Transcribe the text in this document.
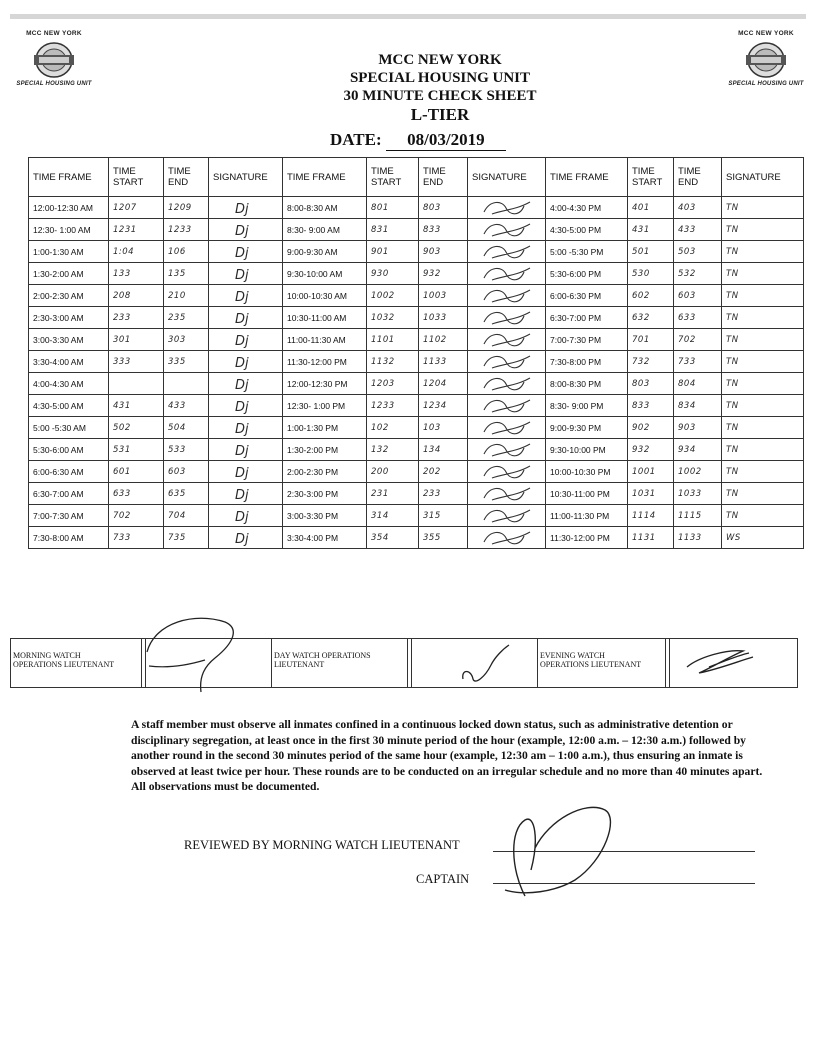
MCC NEW YORK
SPECIAL HOUSING UNIT
MCC NEW YORK
SPECIAL HOUSING UNIT
MCC NEW YORK
SPECIAL HOUSING UNIT
30 MINUTE CHECK SHEET
L-TIER
DATE: 08/03/2019
TIME FRAME	TIME START	TIME END	SIGNATURE	TIME FRAME	TIME START	TIME END	SIGNATURE	TIME FRAME	TIME START	TIME END	SIGNATURE
12:00-12:30 AM	1207	1209	Dj	8:00-8:30 AM	801	803		4:00-4:30 PM	401	403	TN
12:30- 1:00 AM	1231	1233	Dj	8:30- 9:00 AM	831	833		4:30-5:00 PM	431	433	TN
1:00-1:30 AM	1:04	106	Dj	9:00-9:30 AM	901	903		5:00 -5:30 PM	501	503	TN
1:30-2:00 AM	133	135	Dj	9:30-10:00 AM	930	932		5:30-6:00 PM	530	532	TN
2:00-2:30 AM	208	210	Dj	10:00-10:30 AM	1002	1003		6:00-6:30 PM	602	603	TN
2:30-3:00 AM	233	235	Dj	10:30-11:00 AM	1032	1033		6:30-7:00 PM	632	633	TN
3:00-3:30 AM	301	303	Dj	11:00-11:30 AM	1101	1102		7:00-7:30 PM	701	702	TN
3:30-4:00 AM	333	335	Dj	11:30-12:00 PM	1132	1133		7:30-8:00 PM	732	733	TN
4:00-4:30 AM			Dj	12:00-12:30 PM	1203	1204		8:00-8:30 PM	803	804	TN
4:30-5:00 AM	431	433	Dj	12:30- 1:00 PM	1233	1234		8:30- 9:00 PM	833	834	TN
5:00 -5:30 AM	502	504	Dj	1:00-1:30 PM	102	103		9:00-9:30 PM	902	903	TN
5:30-6:00 AM	531	533	Dj	1:30-2:00 PM	132	134		9:30-10:00 PM	932	934	TN
6:00-6:30 AM	601	603	Dj	2:00-2:30 PM	200	202		10:00-10:30 PM	1001	1002	TN
6:30-7:00 AM	633	635	Dj	2:30-3:00 PM	231	233		10:30-11:00 PM	1031	1033	TN
7:00-7:30 AM	702	704	Dj	3:00-3:30 PM	314	315		11:00-11:30 PM	1114	1115	TN
7:30-8:00 AM	733	735	Dj	3:30-4:00 PM	354	355		11:30-12:00 PM	1131	1133	WS
MORNING WATCH OPERATIONS LIEUTENANT
DAY WATCH OPERATIONS LIEUTENANT
EVENING WATCH OPERATIONS LIEUTENANT
A staff member must observe all inmates confined in a continuous locked down status, such as administrative detention or disciplinary segregation, at least once in the first 30 minute period of the hour (example, 12:00 a.m. – 12:30 a.m.) followed by another round in the second 30 minutes period of the same hour (example, 12:30 am – 1:00 a.m.), thus ensuring an inmate is observed at least twice per hour. These rounds are to be conducted on an irregular schedule and no more than 40 minutes apart. All observations must be documented.
REVIEWED BY MORNING WATCH LIEUTENANT
CAPTAIN
